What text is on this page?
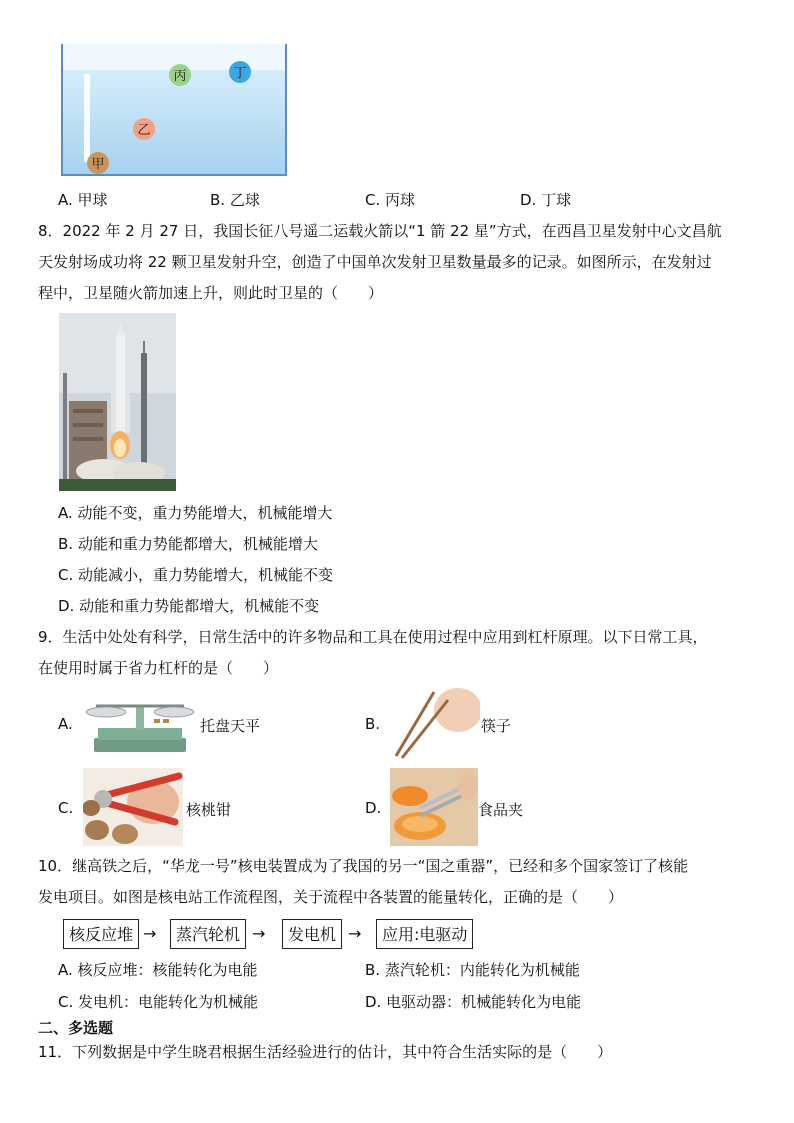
丙	丁
乙
甲
A. 甲球	B. 乙球	C. 丙球	D. 丁球
8．2022 年 2 月 27 日，我国长征八号遥二运载火箭以“1 箭 22 星”方式，在西昌卫星发射中心文昌航
天发射场成功将 22 颗卫星发射升空，创造了中国单次发射卫星数量最多的记录。如图所示，在发射过
程中，卫星随火箭加速上升，则此时卫星的（　　）
A. 动能不变，重力势能增大，机械能增大
B. 动能和重力势能都增大，机械能增大
C. 动能减小，重力势能增大，机械能不变
D. 动能和重力势能都增大，机械能不变
9．生活中处处有科学，日常生活中的许多物品和工具在使用过程中应用到杠杆原理。以下日常工具，
在使用时属于省力杠杆的是（　　）
A.	托盘天平	B.	筷子
C.	核桃钳	D.	食品夹
10．继高铁之后，“华龙一号”核电装置成为了我国的另一“国之重器”，已经和多个国家签订了核能
发电项目。如图是核电站工作流程图，关于流程中各装置的能量转化，正确的是（　　）
核反应堆 →	蒸汽轮机 →	发电机 →	应用:电驱动
A. 核反应堆：核能转化为电能	B. 蒸汽轮机：内能转化为机械能
C. 发电机：电能转化为机械能	D. 电驱动器：机械能转化为电能
二、多选题
11．下列数据是中学生晓君根据生活经验进行的估计，其中符合生活实际的是（　　）
